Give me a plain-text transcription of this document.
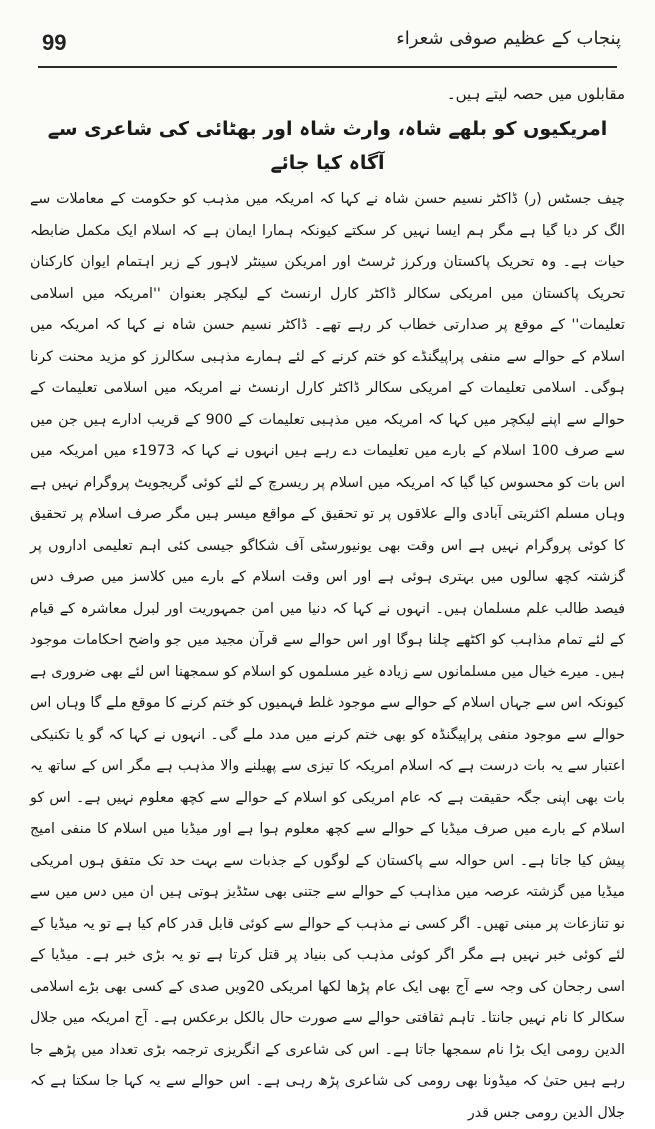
99	پنجاب کے عظیم صوفی شعراء

مقابلوں میں حصہ لیتے ہیں۔

امریکیوں کو بلھے شاہ، وارث شاہ اور بھٹائی کی شاعری سے آگاہ کیا جائے

چیف جسٹس (ر) ڈاکٹر نسیم حسن شاہ نے کہا کہ امریکہ میں مذہب کو حکومت کے معاملات سے الگ کر دیا گیا ہے مگر ہم ایسا نہیں کر سکتے کیونکہ ہمارا ایمان ہے کہ اسلام ایک مکمل ضابطہ حیات ہے۔ وہ تحریک پاکستان ورکرز ٹرسٹ اور امریکن سینٹر لاہور کے زیر اہتمام ایوان کارکنان تحریک پاکستان میں امریکی سکالر ڈاکٹر کارل ارنسٹ کے لیکچر بعنوان ''امریکہ میں اسلامی تعلیمات'' کے موقع پر صدارتی خطاب کر رہے تھے۔ ڈاکٹر نسیم حسن شاہ نے کہا کہ امریکہ میں اسلام کے حوالے سے منفی پراپیگنڈے کو ختم کرنے کے لئے ہمارے مذہبی سکالرز کو مزید محنت کرنا ہوگی۔ اسلامی تعلیمات کے امریکی سکالر ڈاکٹر کارل ارنسٹ نے امریکہ میں اسلامی تعلیمات کے حوالے سے اپنے لیکچر میں کہا کہ امریکہ میں مذہبی تعلیمات کے 900 کے قریب ادارے ہیں جن میں سے صرف 100 اسلام کے بارے میں تعلیمات دے رہے ہیں انہوں نے کہا کہ 1973ء میں امریکہ میں اس بات کو محسوس کیا گیا کہ امریکہ میں اسلام پر ریسرچ کے لئے کوئی گریجویٹ پروگرام نہیں ہے وہاں مسلم اکثریتی آبادی والے علاقوں پر تو تحقیق کے مواقع میسر ہیں مگر صرف اسلام پر تحقیق کا کوئی پروگرام نہیں ہے اس وقت بھی یونیورسٹی آف شکاگو جیسی کئی اہم تعلیمی اداروں پر گزشتہ کچھ سالوں میں بہتری ہوئی ہے اور اس وقت اسلام کے بارے میں کلاسز میں صرف دس فیصد طالب علم مسلمان ہیں۔ انہوں نے کہا کہ دنیا میں امن جمہوریت اور لبرل معاشرہ کے قیام کے لئے تمام مذاہب کو اکٹھے چلنا ہوگا اور اس حوالے سے قرآن مجید میں جو واضح احکامات موجود ہیں۔ میرے خیال میں مسلمانوں سے زیادہ غیر مسلموں کو اسلام کو سمجھنا اس لئے بھی ضروری ہے کیونکہ اس سے جہاں اسلام کے حوالے سے موجود غلط فہمیوں کو ختم کرنے کا موقع ملے گا وہاں اس حوالے سے موجود منفی پراپیگنڈہ کو بھی ختم کرنے میں مدد ملے گی۔ انہوں نے کہا کہ گو یا تکنیکی اعتبار سے یہ بات درست ہے کہ اسلام امریکہ کا تیزی سے پھیلنے والا مذہب ہے مگر اس کے ساتھ یہ بات بھی اپنی جگہ حقیقت ہے کہ عام امریکی کو اسلام کے حوالے سے کچھ معلوم نہیں ہے۔ اس کو اسلام کے بارے میں صرف میڈیا کے حوالے سے کچھ معلوم ہوا ہے اور میڈیا میں اسلام کا منفی امیج پیش کیا جاتا ہے۔ اس حوالہ سے پاکستان کے لوگوں کے جذبات سے بہت حد تک متفق ہوں امریکی میڈیا میں گزشتہ عرصہ میں مذاہب کے حوالے سے جتنی بھی سٹڈیز ہوتی ہیں ان میں دس میں سے نو تنازعات پر مبنی تھیں۔ اگر کسی نے مذہب کے حوالے سے کوئی قابل قدر کام کیا ہے تو یہ میڈیا کے لئے کوئی خبر نہیں ہے مگر اگر کوئی مذہب کی بنیاد پر قتل کرتا ہے تو یہ بڑی خبر ہے۔ میڈیا کے اسی رجحان کی وجہ سے آج بھی ایک عام پڑھا لکھا امریکی 20ویں صدی کے کسی بھی بڑے اسلامی سکالر کا نام نہیں جانتا۔ تاہم ثقافتی حوالے سے صورت حال بالکل برعکس ہے۔ آج امریکہ میں جلال الدین رومی ایک بڑا نام سمجھا جاتا ہے۔ اس کی شاعری کے انگریزی ترجمہ بڑی تعداد میں پڑھے جا رہے ہیں حتیٰ کہ میڈونا بھی رومی کی شاعری پڑھ رہی ہے۔ اس حوالے سے یہ کہا جا سکتا ہے کہ جلال الدین رومی جس قدر
